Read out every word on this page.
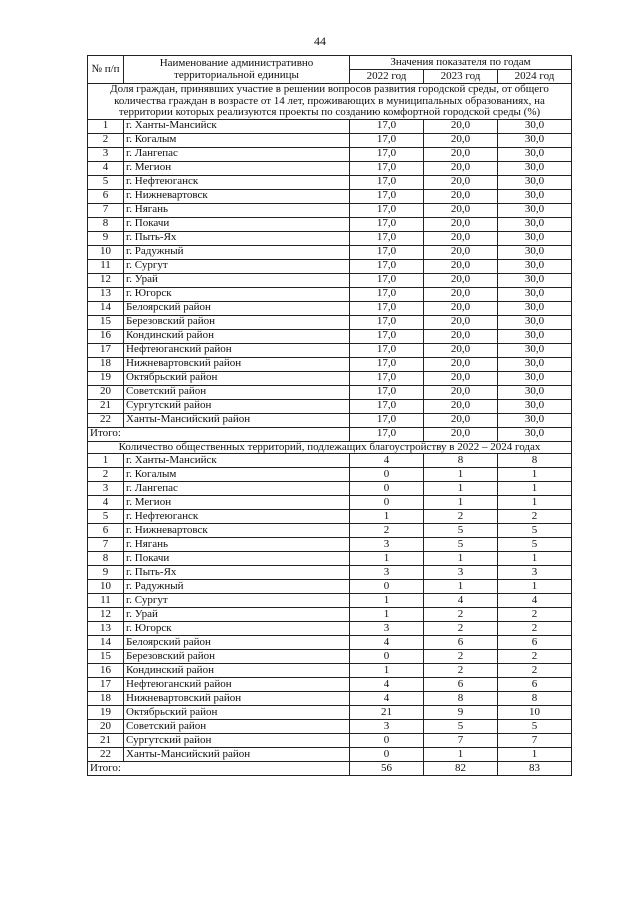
44
№ п/п	Наименование административно территориальной единицы	Значения показателя по годам		
		2022 год	2023 год	2024 год
Доля граждан, принявших участие в решении вопросов развития городской среды, от общего количества граждан в возрасте от 14 лет, проживающих в муниципальных образованиях, на территории которых реализуются проекты по созданию комфортной городской среды (%)				
1	г. Ханты-Мансийск	17,0	20,0	30,0
2	г. Когалым	17,0	20,0	30,0
3	г. Лангепас	17,0	20,0	30,0
4	г. Мегион	17,0	20,0	30,0
5	г. Нефтеюганск	17,0	20,0	30,0
6	г. Нижневартовск	17,0	20,0	30,0
7	г. Нягань	17,0	20,0	30,0
8	г. Покачи	17,0	20,0	30,0
9	г. Пыть-Ях	17,0	20,0	30,0
10	г. Радужный	17,0	20,0	30,0
11	г. Сургут	17,0	20,0	30,0
12	г. Урай	17,0	20,0	30,0
13	г. Югорск	17,0	20,0	30,0
14	Белоярский район	17,0	20,0	30,0
15	Березовский район	17,0	20,0	30,0
16	Кондинский район	17,0	20,0	30,0
17	Нефтеюганский район	17,0	20,0	30,0
18	Нижневартовский район	17,0	20,0	30,0
19	Октябрьский район	17,0	20,0	30,0
20	Советский район	17,0	20,0	30,0
21	Сургутский район	17,0	20,0	30,0
22	Ханты-Мансийский район	17,0	20,0	30,0
Итого:		17,0	20,0	30,0
Количество общественных территорий, подлежащих благоустройству в 2022 – 2024 годах				
1	г. Ханты-Мансийск	4	8	8
2	г. Когалым	0	1	1
3	г. Лангепас	0	1	1
4	г. Мегион	0	1	1
5	г. Нефтеюганск	1	2	2
6	г. Нижневартовск	2	5	5
7	г. Нягань	3	5	5
8	г. Покачи	1	1	1
9	г. Пыть-Ях	3	3	3
10	г. Радужный	0	1	1
11	г. Сургут	1	4	4
12	г. Урай	1	2	2
13	г. Югорск	3	2	2
14	Белоярский район	4	6	6
15	Березовский район	0	2	2
16	Кондинский район	1	2	2
17	Нефтеюганский район	4	6	6
18	Нижневартовский район	4	8	8
19	Октябрьский район	21	9	10
20	Советский район	3	5	5
21	Сургутский район	0	7	7
22	Ханты-Мансийский район	0	1	1
Итого:		56	82	83
